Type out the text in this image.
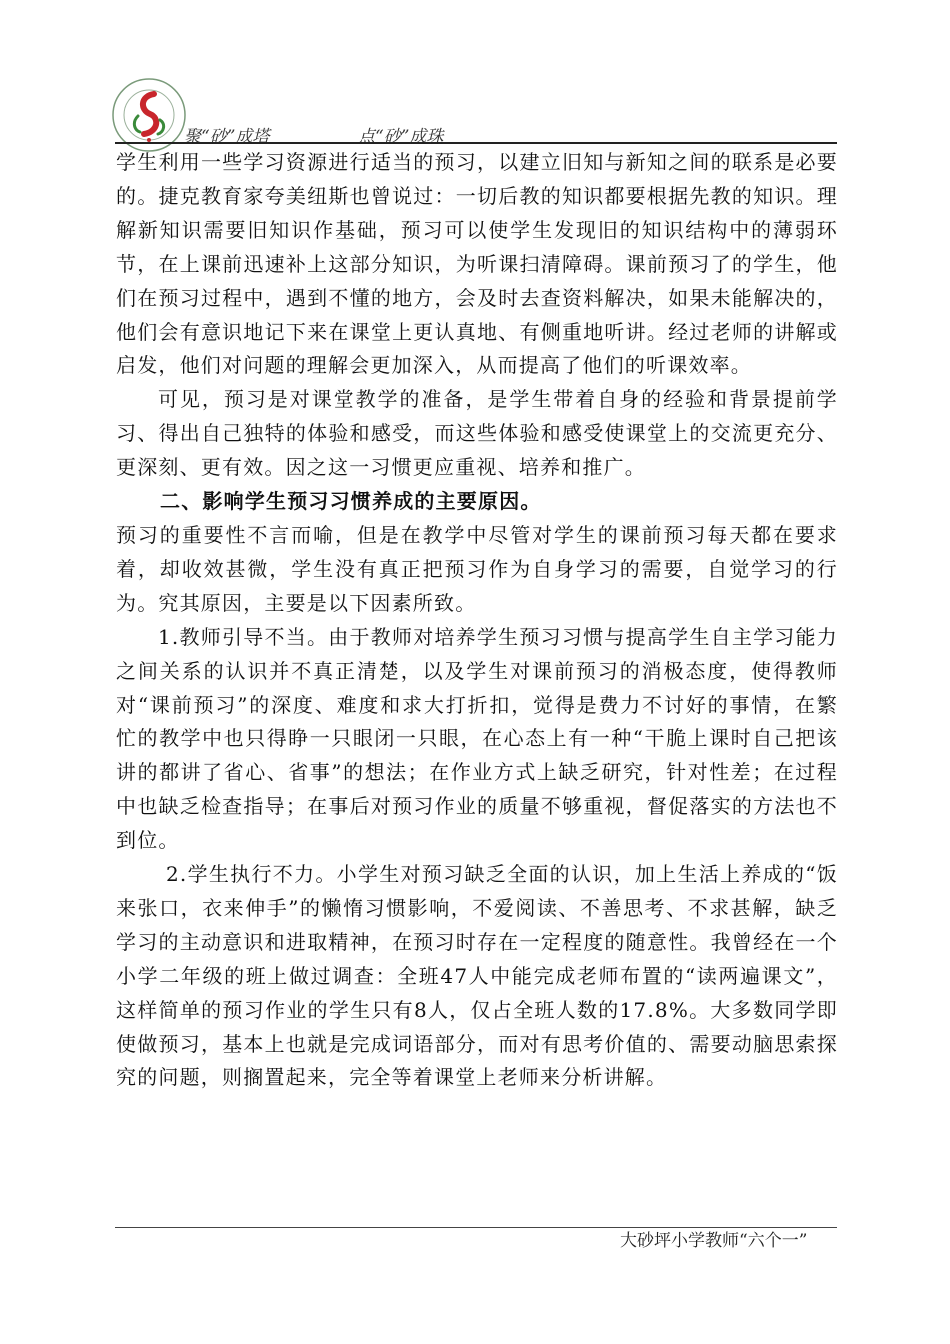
聚“砂”成塔	点“砂”成珠

学生利用一些学习资源进行适当的预习，以建立旧知与新知之间的联系是必要的。捷克教育家夸美纽斯也曾说过：一切后教的知识都要根据先教的知识。理解新知识需要旧知识作基础，预习可以使学生发现旧的知识结构中的薄弱环节，在上课前迅速补上这部分知识，为听课扫清障碍。课前预习了的学生，他们在预习过程中，遇到不懂的地方，会及时去查资料解决，如果未能解决的，他们会有意识地记下来在课堂上更认真地、有侧重地听讲。经过老师的讲解或启发，他们对问题的理解会更加深入，从而提高了他们的听课效率。

可见，预习是对课堂教学的准备，是学生带着自身的经验和背景提前学习、得出自己独特的体验和感受，而这些体验和感受使课堂上的交流更充分、更深刻、更有效。因之这一习惯更应重视、培养和推广。

二、影响学生预习习惯养成的主要原因。

预习的重要性不言而喻，但是在教学中尽管对学生的课前预习每天都在要求着，却收效甚微，学生没有真正把预习作为自身学习的需要，自觉学习的行为。究其原因，主要是以下因素所致。

1.教师引导不当。由于教师对培养学生预习习惯与提高学生自主学习能力之间关系的认识并不真正清楚，以及学生对课前预习的消极态度，使得教师对“课前预习”的深度、难度和求大打折扣，觉得是费力不讨好的事情，在繁忙的教学中也只得睁一只眼闭一只眼，在心态上有一种“干脆上课时自己把该讲的都讲了省心、省事”的想法；在作业方式上缺乏研究，针对性差；在过程中也缺乏检查指导；在事后对预习作业的质量不够重视，督促落实的方法也不到位。

2.学生执行不力。小学生对预习缺乏全面的认识，加上生活上养成的“饭来张口，衣来伸手”的懒惰习惯影响，不爱阅读、不善思考、不求甚解，缺乏学习的主动意识和进取精神，在预习时存在一定程度的随意性。我曾经在一个小学二年级的班上做过调查：全班47人中能完成老师布置的“读两遍课文”，这样简单的预习作业的学生只有8人，仅占全班人数的17.8%。大多数同学即使做预习，基本上也就是完成词语部分，而对有思考价值的、需要动脑思索探究的问题，则搁置起来，完全等着课堂上老师来分析讲解。

大砂坪小学教师“六个一”
